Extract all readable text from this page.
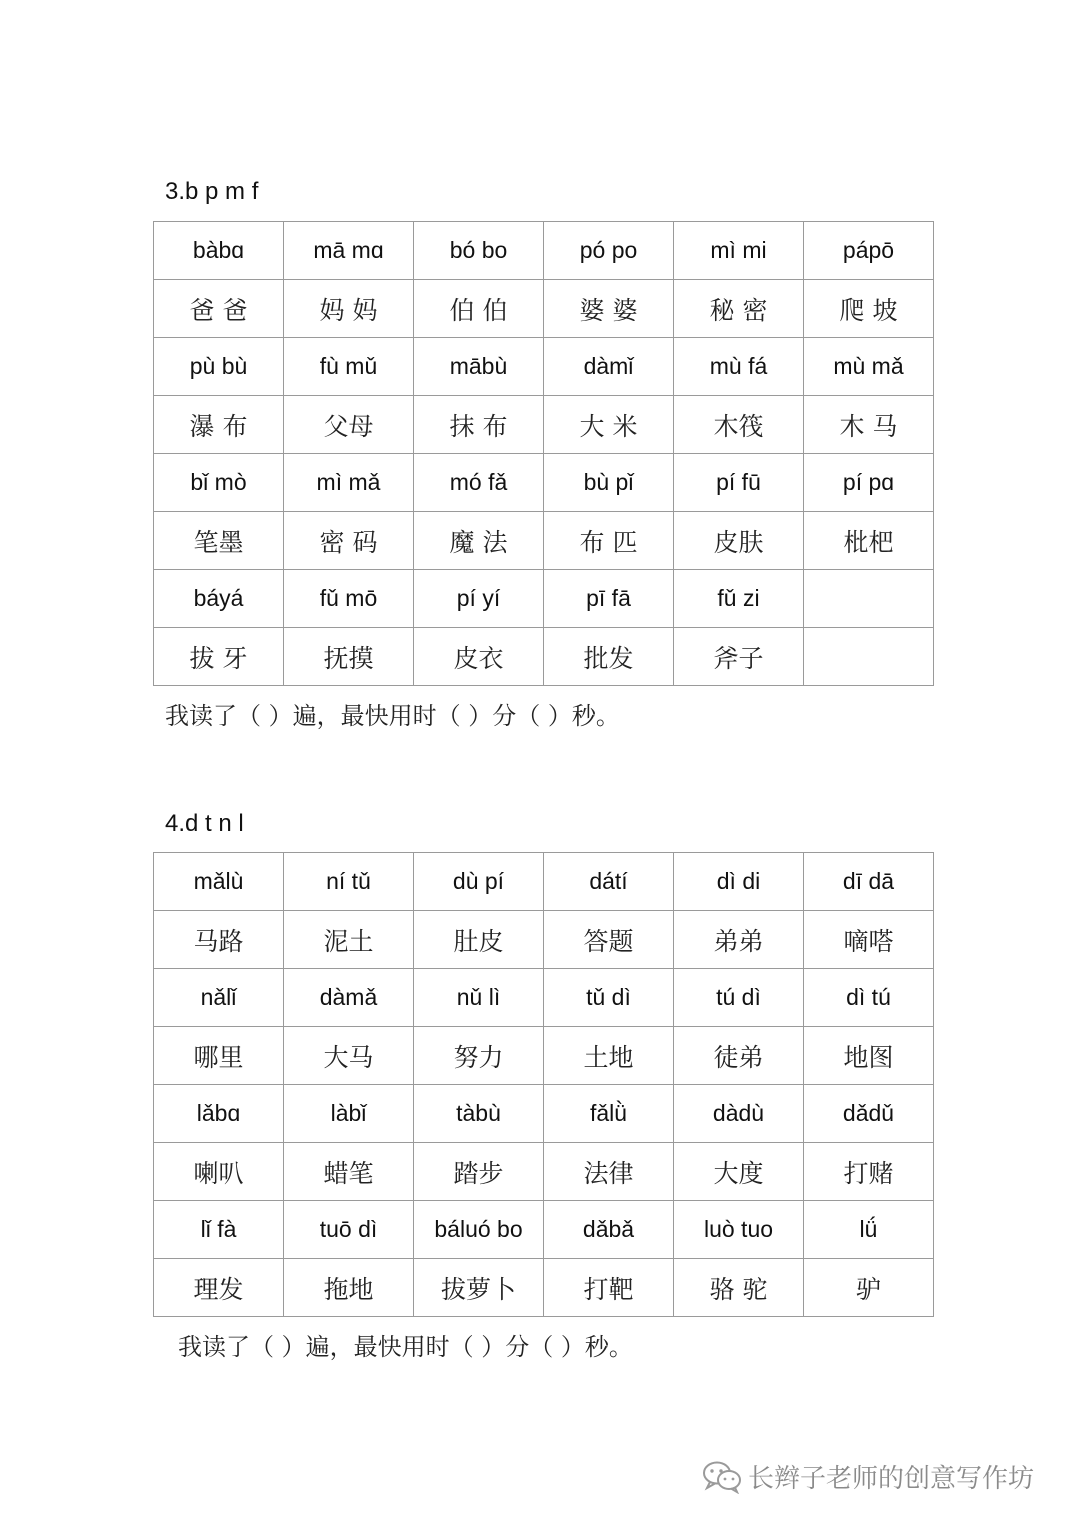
3.b p m f
bàbɑ	mā mɑ	bó bo	pó po	mì mi	pápō
爸 爸	妈 妈	伯 伯	婆 婆	秘 密	爬 坡
pù bù	fù mǔ	mābù	dàmǐ	mù fá	mù mǎ
瀑 布	父母	抹 布	大 米	木筏	木 马
bǐ mò	mì mǎ	mó fǎ	bù pǐ	pí fū	pí pɑ
笔墨	密 码	魔 法	布 匹	皮肤	枇杷
báyá	fǔ mō	pí yí	pī fā	fǔ zi	
拔 牙	抚摸	皮衣	批发	斧子	
我读了（ ）遍，最快用时（ ）分（ ）秒。
4.d t n l
mǎlù	ní tǔ	dù pí	dátí	dì di	dī dā
马路	泥土	肚皮	答题	弟弟	嘀嗒
nǎlǐ	dàmǎ	nǔ lì	tǔ dì	tú dì	dì tú
哪里	大马	努力	土地	徒弟	地图
lǎbɑ	làbǐ	tàbù	fǎlǜ	dàdù	dǎdǔ
喇叭	蜡笔	踏步	法律	大度	打赌
lǐ fà	tuō dì	báluó bo	dǎbǎ	luò tuo	lǘ
理发	拖地	拔萝卜	打靶	骆 驼	驴
我读了（ ）遍，最快用时（ ）分（ ）秒。
长辫子老师的创意写作坊
